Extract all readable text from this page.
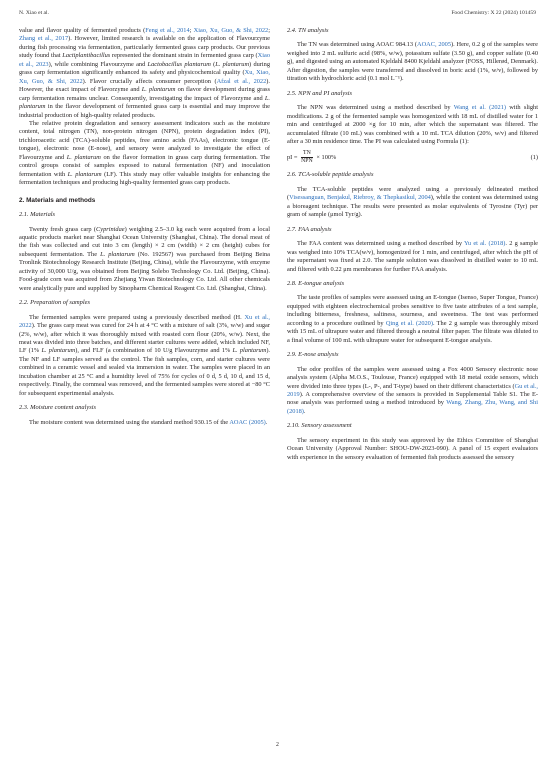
N. Xiao et al.	Food Chemistry: X 22 (2024) 101459

value and flavor quality of fermented products (Feng et al., 2014; Xiao, Xu, Guo, & Shi, 2022; Zhang et al., 2017). However, limited research is available on the application of Flavourzyme during fish processing via fermentation, particularly fermented grass carp products. Our previous study found that Lactiplantibacillus represented the dominant strain in fermented grass carp (Xiao et al., 2023), while combining Flavourzyme and Lactobacillus plantarum (L. plantarum) during grass carp fermentation significantly enhanced its safety and physicochemical quality (Xu, Xiao, Xu, Guo, & Shi, 2022). Flavor crucially affects consumer perception (Afzal et al., 2022). However, the exact impact of Flavorzyme and L. plantarum on flavor development during grass carp fermentation remains unclear. Consequently, investigating the impact of Flavorzyme and L. plantarum in the flavor development of fermented grass carp is essential and may improve the industrial production of high-quality related products.

The relative protein degradation and sensory assessment indicators such as the moisture content, total nitrogen (TN), non-protein nitrogen (NPN), protein degradation index (PI), trichloroacetic acid (TCA)-soluble peptides, free amino acids (FAAs), electronic tongue (E-tongue), electronic nose (E-nose), and sensory were analyzed to investigate the effect of Flavourzyme and L. plantarum on the flavor formation in grass carp during fermentation. The control groups consist of samples exposed to natural fermentation (NF) and inoculation fermentation with L. plantarum (LF). This study may offer valuable insights for enhancing the fermentation techniques and producing high-quality fermented grass carp products.

2. Materials and methods
2.1. Materials

Twenty fresh grass carp (Cyprinidae) weighing 2.5–3.0 kg each were acquired from a local aquatic products market near Shanghai Ocean University (Shanghai, China). The dorsal meat of the fish was collected and cut into 3 cm (length) × 2 cm (width) × 2 cm (height) cubes for subsequent fermentation. The L. plantarum (No. 192567) was purchased from Beijing Beina Tronlink Biotechnology Research Institute (Beijing, China), while the Flavourzyme, with enzyme activity of 30,000 U/g, was obtained from Beijing Solebo Technology Co. Ltd. (Beijing, China). Food-grade corn was acquired from Zhejiang Yiwan Biotechnology Co. Ltd. All other chemicals were analytically pure and supplied by Sinopharm Chemical Reagent Co. Ltd. (Shanghai, China).

2.2. Preparation of samples

The fermented samples were prepared using a previously described method (H. Xu et al., 2022). The grass carp meat was cured for 24 h at 4 °C with a mixture of salt (3%, w/w) and sugar (2%, w/w), after which it was thoroughly mixed with roasted corn flour (20%, w/w). Next, the meat was divided into three batches, and different starter cultures were added, which included NF, LF (1% L. plantarum), and FLF (a combination of 10 U/g Flavourzyme and 1% L. plantarum). The NF and LF samples served as the control. The fish samples, corn, and starter cultures were combined in a ceramic vessel and sealed via immersion in water. The samples were placed in an incubation chamber at 25 °C and a humidity level of 75% for cycles of 0 d, 5 d, 10 d, and 15 d, respectively. Finally, the cornmeal was removed, and the fermented samples were stored at −80 °C for subsequent experimental analysis.

2.3. Moisture content analysis

The moisture content was determined using the standard method 930.15 of the AOAC (2005).

2.4. TN analysis

The TN was determined using AOAC 984.13 (AOAC, 2005). Here, 0.2 g of the samples were weighed into 2 mL sulfuric acid (98%, w/w), potassium sulfate (3.50 g), and copper sulfate (0.40 g), and digested using an automated Kjeldahl 8400 Kjeldahl analyzer (FOSS, Hillerød, Denmark). After digestion, the samples were transferred and dissolved in boric acid (1%, w/v), followed by titration with hydrochloric acid (0.1 mol L⁻¹).

2.5. NPN and PI analysis

The NPN was determined using a method described by Wang et al. (2021) with slight modifications. 2 g of the fermented sample was homogenized with 18 mL of distilled water for 1 min and centrifuged at 2000 ×g for 10 min, after which the supernatant was filtered. The accumulated filtrate (10 mL) was combined with a 10 mL TCA dilution (20%, w/v) and filtered after a 30 min residence time. The PI was calculated using Formula (1):

pI = $\frac{TN}{\text{NPN}} \times 100\%$	(1)
2.6. TCA-soluble peptide analysis

The TCA-soluble peptides were analyzed using a previously delineated method (Visessanguan, Benjakul, Riebroy, & Thepkasikul, 2004), while the content was determined using a bioreagent technique. The results were presented as molar equivalents of Tyrosine (Tyr) per gram of sample (μmol Tyr/g).

2.7. FAA analysis

The FAA content was determined using a method described by Yu et al. (2018). 2 g sample was weighed into 10% TCA(w/v), homogenized for 1 min, and centrifuged, after which the pH of the supernatant was fixed at 2.0. The sample solution was dissolved in distilled water to 10 mL and filtered with 0.22 μm membranes for further FAA analysis.

2.8. E-tongue analysis

The taste profiles of samples were assessed using an E-tongue (Isenso, Super Tongue, France) equipped with eighteen electrochemical probes sensitive to five taste attributes of a test sample, including bitterness, freshness, saltiness, sourness, and sweetness. The test was performed according to a procedure outlined by Qing et al. (2020). The 2 g sample was thoroughly mixed with 15 mL of ultrapure water and filtered through a neutral filter paper. The filtrate was diluted to a final volume of 100 mL with ultrapure water for subsequent E-tongue analysis.

2.9. E-nose analysis

The odor profiles of the samples were assessed using a Fox 4000 Sensory electronic nose analysis system (Alpha M.O.S., Toulouse, France) equipped with 18 metal oxide sensors, which were divided into three types (L-, P-, and T-type) based on their different characteristics (Gu et al., 2019). A comprehensive overview of the sensors is provided in Supplemental Table S1. The E-nose analysis was performed using a method introduced by Wang, Zhang, Zhu, Wang, and Shi (2018).

2.10. Sensory assessment

The sensory experiment in this study was approved by the Ethics Committee of Shanghai Ocean University (Approval Number: SHOU-DW-2023-090). A panel of 15 expert evaluators with experience in the sensory evaluation of fermented fish products assessed the sensory

2
